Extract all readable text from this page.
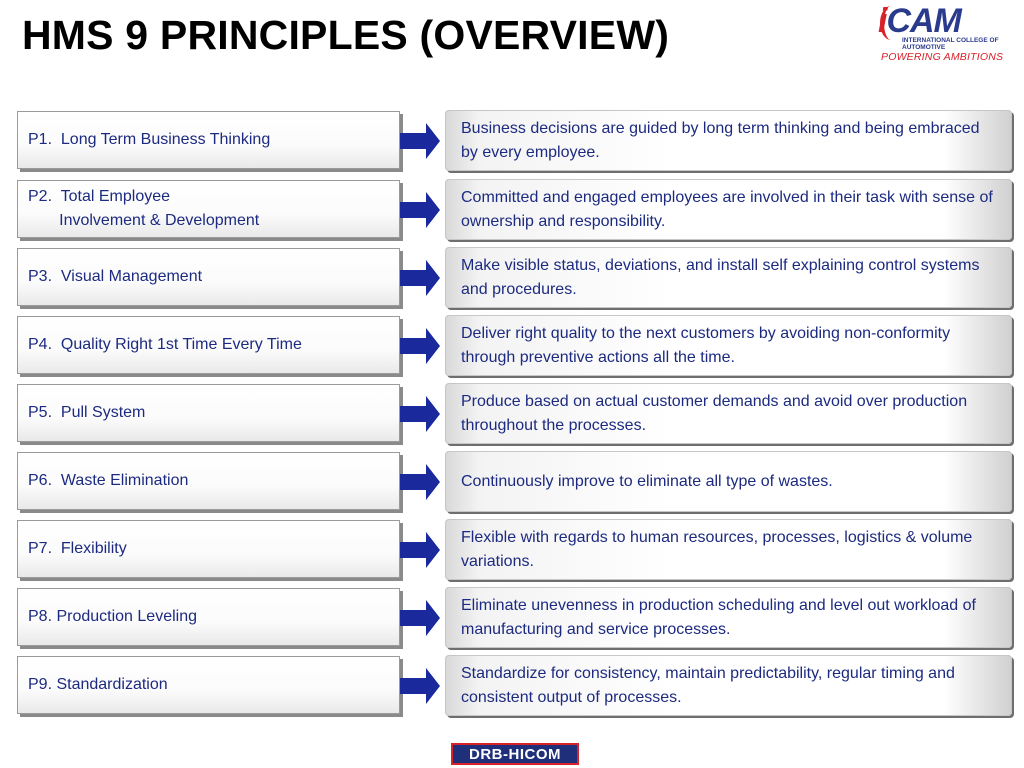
HMS 9 PRINCIPLES (OVERVIEW)	iCAM
INTERNATIONAL COLLEGE OF
AUTOMOTIVE
POWERING AMBITIONS
P1.  Long Term Business Thinking
Business decisions are guided by long term thinking and being embraced by every employee.
P2.  Total Employee
Involvement & Development
Committed and engaged employees are involved in their task with sense of ownership and responsibility.
P3.  Visual Management
Make visible status, deviations, and install self explaining control systems and procedures.
P4.  Quality Right 1st Time Every Time
Deliver right quality to the next customers by avoiding non-conformity through preventive actions all the time.
P5.  Pull System
Produce based on actual customer demands and avoid over production throughout the processes.
P6.  Waste Elimination	Continuously improve to eliminate all type of wastes.
P7.  Flexibility
Flexible with regards to human resources, processes, logistics & volume variations.
P8. Production Leveling
Eliminate unevenness in production scheduling and level out workload of manufacturing and service processes.
P9. Standardization
Standardize for consistency, maintain predictability, regular timing and consistent output of processes.
DRB-HICOM
